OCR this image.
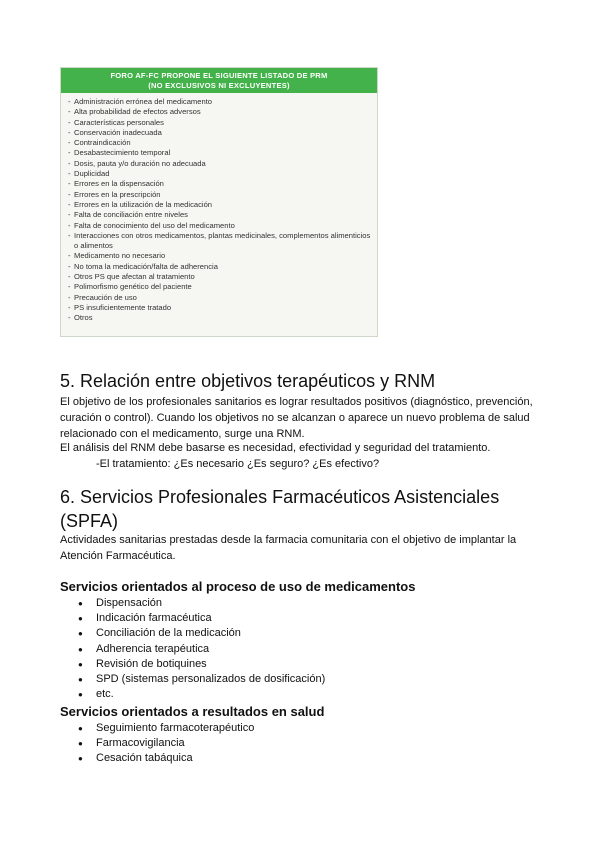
FORO AF-FC PROPONE EL SIGUIENTE LISTADO DE PRM
(NO EXCLUSIVOS NI EXCLUYENTES)
- Administración errónea del medicamento
- Alta probabilidad de efectos adversos
- Características personales
- Conservación inadecuada
- Contraindicación
- Desabastecimiento temporal
- Dosis, pauta y/o duración no adecuada
- Duplicidad
- Errores en la dispensación
- Errores en la prescripción
- Errores en la utilización de la medicación
- Falta de conciliación entre niveles
- Falta de conocimiento del uso del medicamento
- Interacciones con otros medicamentos, plantas medicinales, complementos alimenticios o alimentos
- Medicamento no necesario
- No toma la medicación/falta de adherencia
- Otros PS que afectan al tratamiento
- Polimorfismo genético del paciente
- Precaución de uso
- PS insuficientemente tratado
- Otros
5. Relación entre objetivos terapéuticos y RNM

El objetivo de los profesionales sanitarios es lograr resultados positivos (diagnóstico, prevención, curación o control). Cuando los objetivos no se alcanzan o aparece un nuevo problema de salud relacionado con el medicamento, surge una RNM.

El análisis del RNM debe basarse es necesidad, efectividad y seguridad del tratamiento.

-El tratamiento: ¿Es necesario ¿Es seguro? ¿Es efectivo?

6. Servicios Profesionales Farmacéuticos Asistenciales
(SPFA)

Actividades sanitarias prestadas desde la farmacia comunitaria con el objetivo de implantar la Atención Farmacéutica.

Servicios orientados al proceso de uso de medicamentos
● Dispensación
● Indicación farmacéutica
● Conciliación de la medicación
● Adherencia terapéutica
● Revisión de botiquines
● SPD (sistemas personalizados de dosificación)
● etc.
Servicios orientados a resultados en salud
● Seguimiento farmacoterapéutico
● Farmacovigilancia
● Cesación tabáquica
